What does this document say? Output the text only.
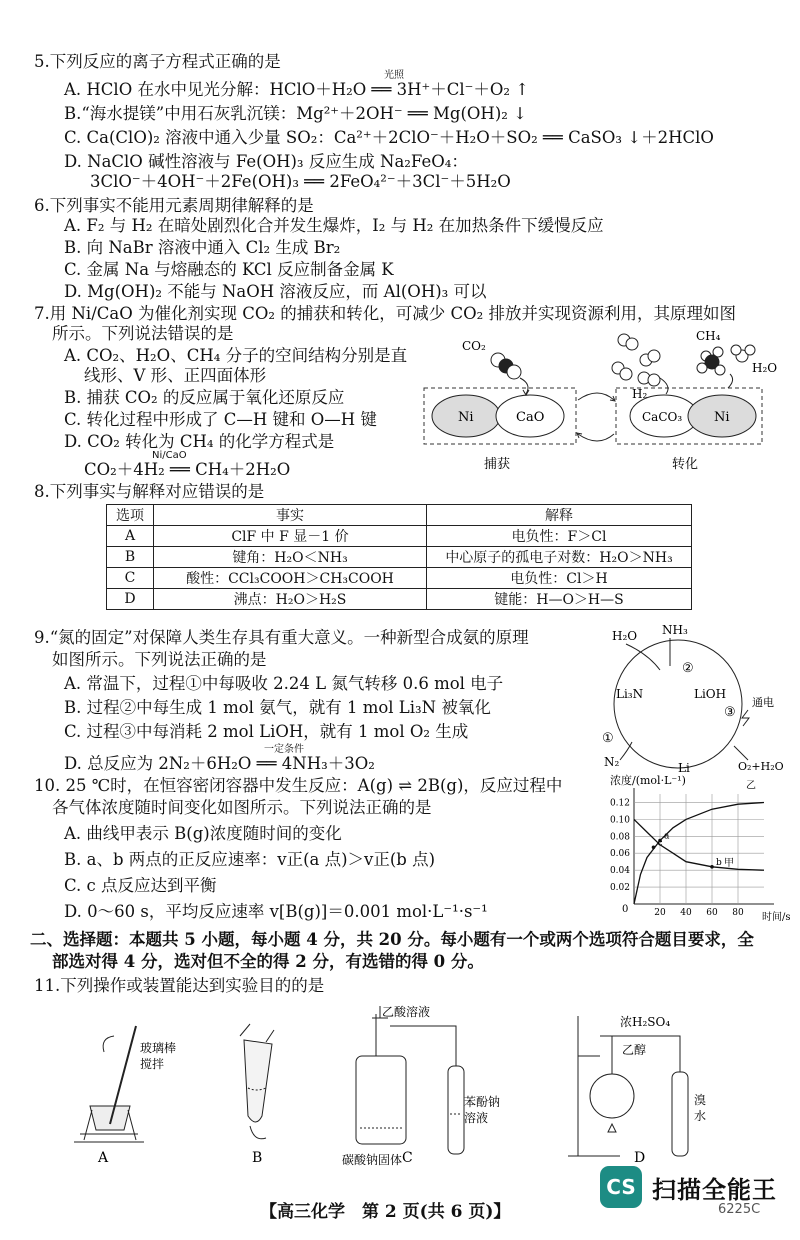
5.下列反应的离子方程式正确的是
A. HClO 在水中见光分解：HClO＋H₂O ══ 3H⁺＋Cl⁻＋O₂ ↑
光照
B.“海水提镁”中用石灰乳沉镁：Mg²⁺＋2OH⁻ ══ Mg(OH)₂ ↓
C. Ca(ClO)₂ 溶液中通入少量 SO₂：Ca²⁺＋2ClO⁻＋H₂O＋SO₂ ══ CaSO₃ ↓＋2HClO
D. NaClO 碱性溶液与 Fe(OH)₃ 反应生成 Na₂FeO₄：
3ClO⁻＋4OH⁻＋2Fe(OH)₃ ══ 2FeO₄²⁻＋3Cl⁻＋5H₂O
6.下列事实不能用元素周期律解释的是
A. F₂ 与 H₂ 在暗处剧烈化合并发生爆炸，I₂ 与 H₂ 在加热条件下缓慢反应
B. 向 NaBr 溶液中通入 Cl₂ 生成 Br₂
C. 金属 Na 与熔融态的 KCl 反应制备金属 K
D. Mg(OH)₂ 不能与 NaOH 溶液反应，而 Al(OH)₃ 可以
7.用 Ni/CaO 为催化剂实现 CO₂ 的捕获和转化，可减少 CO₂ 排放并实现资源利用，其原理如图
所示。下列说法错误的是
A. CO₂、H₂O、CH₄ 分子的空间结构分别是直
线形、V 形、正四面体形
B. 捕获 CO₂ 的反应属于氧化还原反应
C. 转化过程中形成了 C—H 键和 O—H 键
D. CO₂ 转化为 CH₄ 的化学方程式是
CO₂＋4H₂ ══ CH₄＋2H₂O
Ni/CaO
Ni	CaO	CaCO₃ Ni
CO₂
H₂
CH₄
H₂O
捕获	转化
8.下列事实与解释对应错误的是
选项	事实	解释
A	ClF 中 F 显－1 价	电负性：F＞Cl
B	键角：H₂O＜NH₃	中心原子的孤电子对数：H₂O＞NH₃
C	酸性：CCl₃COOH＞CH₃COOH	电负性：Cl＞H
D	沸点：H₂O＞H₂S	键能：H—O＞H—S
9.“氮的固定”对保障人类生存具有重大意义。一种新型合成氨的原理
如图所示。下列说法正确的是
A. 常温下，过程①中每吸收 2.24 L 氮气转移 0.6 mol 电子
B. 过程②中每生成 1 mol 氨气，就有 1 mol Li₃N 被氧化
C. 过程③中每消耗 2 mol LiOH，就有 1 mol O₂ 生成
D. 总反应为 2N₂＋6H₂O ══ 4NH₃＋3O₂
一定条件
H₂O NH₃
②
Li₃N	LiOH
③
通电
Li
①
N₂	O₂+H₂O
10. 25 ℃时，在恒容密闭容器中发生反应：A(g) ⇌ 2B(g)，反应过程中
各气体浓度随时间变化如图所示。下列说法正确的是
A. 曲线甲表示 B(g)浓度随时间的变化
B. a、b 两点的正反应速率：v正(a 点)＞v正(b 点)
C. c 点反应达到平衡
D. 0～60 s，平均反应速率 v[B(g)]＝0.001 mol·L⁻¹·s⁻¹
浓度/(mol·L⁻¹)
时间/s
0
0.02
0.04
0.06
0.08
0.10
0.12
20 40 60 80
乙
甲
a
c
b
二、选择题：本题共 5 小题，每小题 4 分，共 20 分。每小题有一个或两个选项符合题目要求，全
部选对得 4 分，选对但不全的得 2 分，有选错的得 0 分。
11.下列操作或装置能达到实验目的的是
玻璃棒
搅拌
乙酸溶液
苯酚钠
溶液
碳酸钠固体
浓H₂SO₄
乙醇
溴
水
A	B	C	D
【高三化学　第 2 页(共 6 页)】
CS 扫描全能王
6225C
